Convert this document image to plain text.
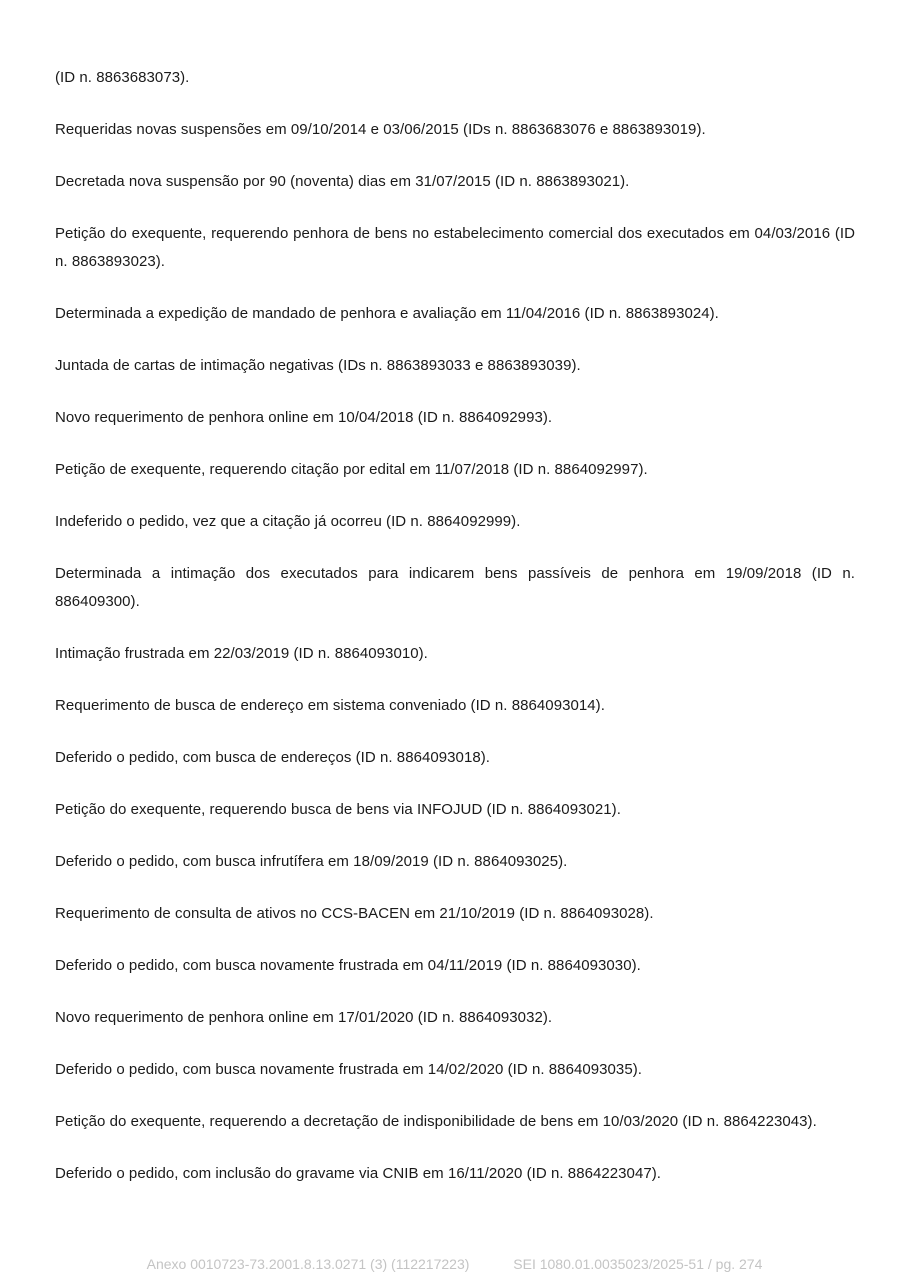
(ID n. 8863683073).

Requeridas novas suspensões em 09/10/2014 e 03/06/2015 (IDs n. 8863683076 e 8863893019).

Decretada nova suspensão por 90 (noventa) dias em 31/07/2015 (ID n. 8863893021).

Petição do exequente, requerendo penhora de bens no estabelecimento comercial dos executados em 04/03/2016 (ID n. 8863893023).

Determinada a expedição de mandado de penhora e avaliação em 11/04/2016 (ID n. 8863893024).

Juntada de cartas de intimação negativas (IDs n. 8863893033 e 8863893039).

Novo requerimento de penhora online em 10/04/2018 (ID n. 8864092993).

Petição de exequente, requerendo citação por edital em 11/07/2018 (ID n. 8864092997).

Indeferido o pedido, vez que a citação já ocorreu (ID n. 8864092999).

Determinada a intimação dos executados para indicarem bens passíveis de penhora em 19/09/2018 (ID n. 886409300).

Intimação frustrada em 22/03/2019 (ID n. 8864093010).

Requerimento de busca de endereço em sistema conveniado (ID n. 8864093014).

Deferido o pedido, com busca de endereços (ID n. 8864093018).

Petição do exequente, requerendo busca de bens via INFOJUD (ID n. 8864093021).

Deferido o pedido, com busca infrutífera em 18/09/2019 (ID n. 8864093025).

Requerimento de consulta de ativos no CCS-BACEN em 21/10/2019 (ID n. 8864093028).

Deferido o pedido, com busca novamente frustrada em 04/11/2019 (ID n. 8864093030).

Novo requerimento de penhora online em 17/01/2020 (ID n. 8864093032).

Deferido o pedido, com busca novamente frustrada em 14/02/2020 (ID n. 8864093035).

Petição do exequente, requerendo a decretação de indisponibilidade de bens em 10/03/2020 (ID n. 8864223043).

Deferido o pedido, com inclusão do gravame via CNIB em 16/11/2020 (ID n. 8864223047).

Anexo 0010723-73.2001.8.13.0271 (3) (112217223)	SEI 1080.01.0035023/2025-51 / pg. 274
